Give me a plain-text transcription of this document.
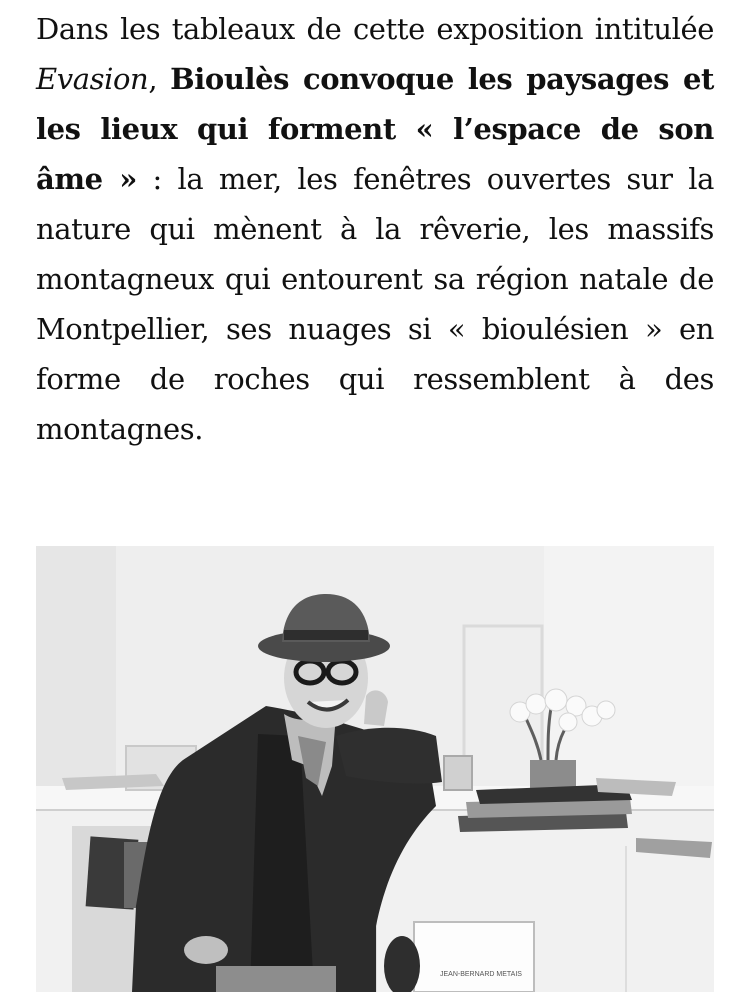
Dans les tableaux de cette exposition intitulée Evasion, Bioulès convoque les paysages et les lieux qui forment « l’espace de son âme » : la mer, les fenêtres ouvertes sur la nature qui mènent à la rêverie, les massifs montagneux qui entourent sa région natale de Montpellier, ses nuages si « bioulésien » en forme de roches qui ressemblent à des montagnes.

JEAN-BERNARD METAIS
